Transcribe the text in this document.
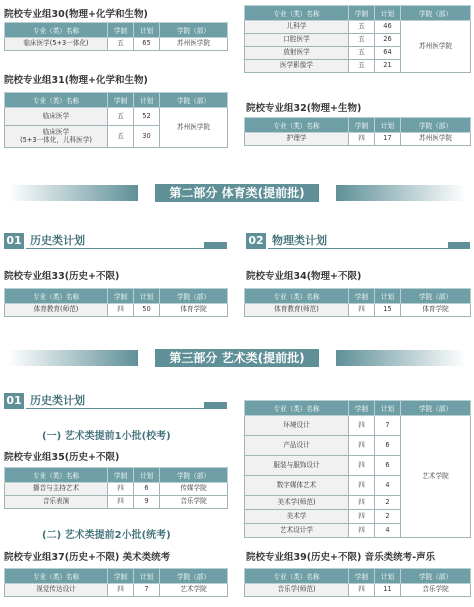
院校专业组30(物理+化学和生物)
专业（类）名称	学制	计划	学院（部）
临床医学(5+3一体化)	五	65	苏州医学院
院校专业组31(物理+化学和生物)
专业（类）名称	学制	计划	学院（部）
临床医学	五	52	苏州医学院
临床医学
(5+3一体化，儿科医学)	五	30	
专业（类）名称	学制	计划	学院（部）
儿科学	五	46	苏州医学院
口腔医学	五	26	
放射医学	五	64	
医学影像学	五	21	
院校专业组32(物理+生物)
专业（类）名称	学制	计划	学院（部）
护理学	四	17	苏州医学院
第二部分 体育类(提前批)
01 历史类计划	02 物理类计划
院校专业组33(历史+不限)
专业（类）名称	学制	计划	学院（部）
体育教育(师范)	四	50	体育学院
院校专业组34(物理+不限)
专业（类）名称	学制	计划	学院（部）
体育教育(师范)	四	15	体育学院
第三部分 艺术类(提前批)
01 历史类计划
(一) 艺术类提前1小批(校考)
院校专业组35(历史+不限)
专业（类）名称	学制	计划	学院（部）
播音与主持艺术	四	6	传媒学院
音乐表演	四	9	音乐学院
(二) 艺术类提前2小批(统考)
院校专业组37(历史+不限) 美术类统考
专业（类）名称	学制	计划	学院（部）
视觉传达设计	四	7	艺术学院
专业（类）名称	学制	计划	学院（部）
环境设计	四	7	艺术学院
产品设计	四	6	
服装与服饰设计	四	6	
数字媒体艺术	四	4	
美术学(师范)	四	2	
美术学	四	2	
艺术设计学	四	4	
院校专业组39(历史+不限) 音乐类统考-声乐
专业（类）名称	学制	计划	学院（部）
音乐学(师范)	四	11	音乐学院
